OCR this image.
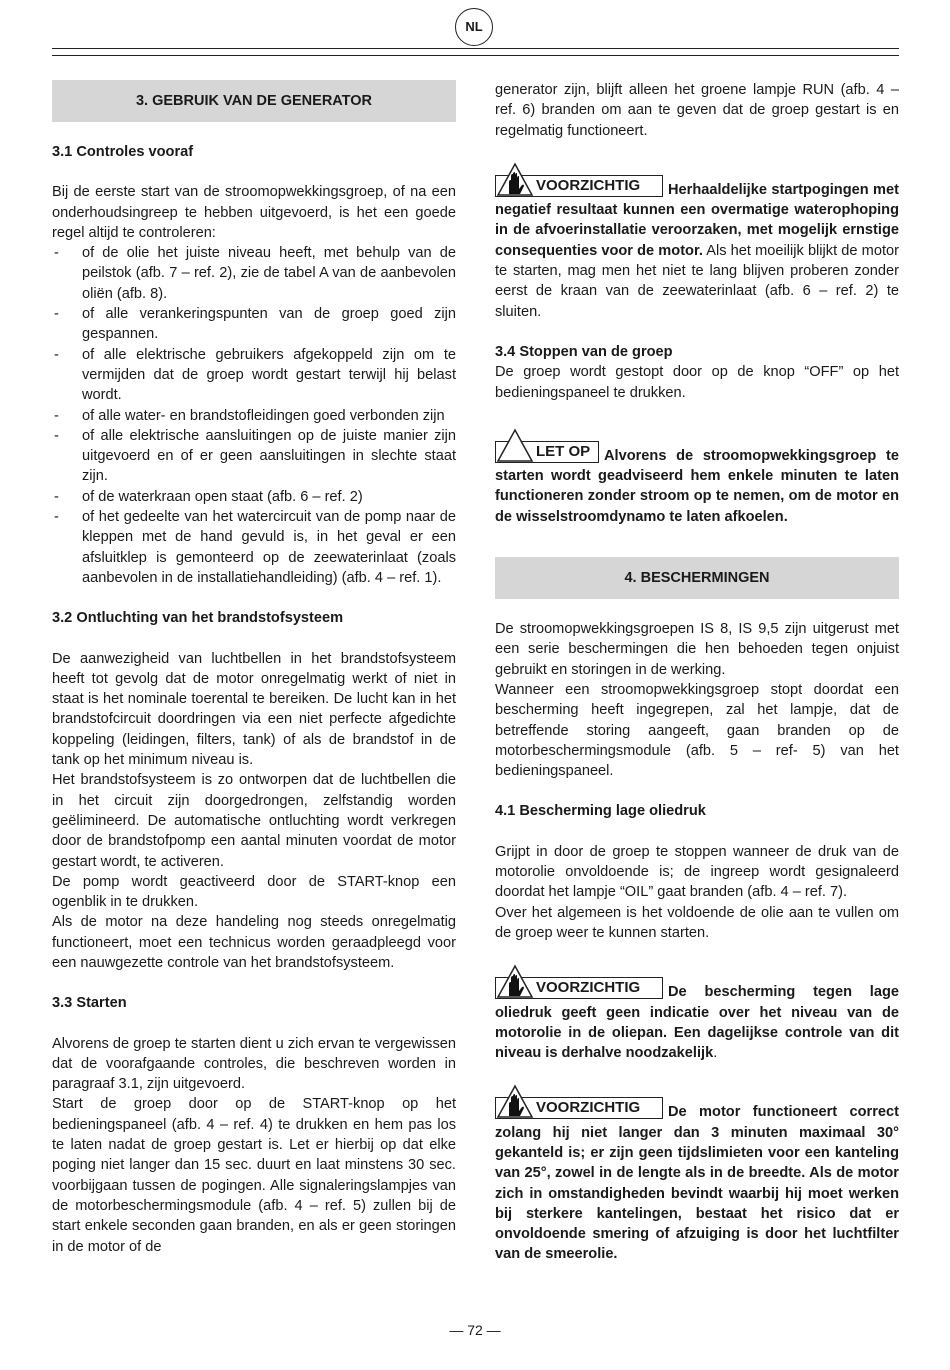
NL
3. GEBRUIK VAN DE GENERATOR

3.1 Controles vooraf

Bij de eerste start van de stroomopwekkingsgroep, of na een onderhoudsingreep te hebben uitgevoerd, is het een goede regel altijd te controleren:

- of de olie het juiste niveau heeft, met behulp van de peilstok (afb. 7 – ref. 2), zie de tabel A van de aanbevolen oliën (afb. 8).
- of alle verankeringspunten van de groep goed zijn gespannen.
- of alle elektrische gebruikers afgekoppeld zijn om te vermijden dat de groep wordt gestart terwijl hij belast wordt.
- of alle water- en brandstofleidingen goed verbonden zijn
- of alle elektrische aansluitingen op de juiste manier zijn uitgevoerd en of er geen aansluitingen in slechte staat zijn.
- of de waterkraan open staat (afb. 6 – ref. 2)
- of het gedeelte van het watercircuit van de pomp naar de kleppen met de hand gevuld is, in het geval er een afsluitklep is gemonteerd op de zeewaterinlaat (zoals aanbevolen in de installatiehandleiding) (afb. 4 – ref. 1).

3.2 Ontluchting van het brandstofsysteem

De aanwezigheid van luchtbellen in het brandstofsysteem heeft tot gevolg dat de motor onregelmatig werkt of niet in staat is het nominale toerental te bereiken. De lucht kan in het brandstofcircuit doordringen via een niet perfecte afgedichte koppeling (leidingen, filters, tank) of als de brandstof in de tank op het minimum niveau is.

Het brandstofsysteem is zo ontworpen dat de luchtbellen die in het circuit zijn doorgedrongen, zelfstandig worden geëlimineerd. De automatische ontluchting wordt verkregen door de brandstofpomp een aantal minuten voordat de motor gestart wordt, te activeren.

De pomp wordt geactiveerd door de START-knop een ogenblik in te drukken.

Als de motor na deze handeling nog steeds onregelmatig functioneert, moet een technicus worden geraadpleegd voor een nauwgezette controle van het brandstofsysteem.

3.3 Starten

Alvorens de groep te starten dient u zich ervan te vergewissen dat de voorafgaande controles, die beschreven worden in paragraaf 3.1, zijn uitgevoerd.

Start de groep door op de START-knop op het bedieningspaneel (afb. 4 – ref. 4) te drukken en hem pas los te laten nadat de groep gestart is. Let er hierbij op dat elke poging niet langer dan 15 sec. duurt en laat minstens 30 sec. voorbijgaan tussen de pogingen. Alle signaleringslampjes van de motorbeschermingsmodule (afb. 4 – ref. 5) zullen bij de start enkele seconden gaan branden, en als er geen storingen in de motor of de

generator zijn, blijft alleen het groene lampje RUN (afb. 4 – ref. 6) branden om aan te geven dat de groep gestart is en regelmatig functioneert.

VOORZICHTIG Herhaaldelijke startpogingen met negatief resultaat kunnen een overmatige waterophoping in de afvoerinstallatie veroorzaken, met mogelijk ernstige consequenties voor de motor. Als het moeilijk blijkt de motor te starten, mag men het niet te lang blijven proberen zonder eerst de kraan van de zeewaterinlaat (afb. 6 – ref. 2) te sluiten.

3.4 Stoppen van de groep

De groep wordt gestopt door op de knop “OFF” op het bedieningspaneel te drukken.

LET OP Alvorens de stroomopwekkingsgroep te starten wordt geadviseerd hem enkele minuten te laten functioneren zonder stroom op te nemen, om de motor en de wisselstroomdynamo te laten afkoelen.

4. BESCHERMINGEN

De stroomopwekkingsgroepen IS 8, IS 9,5 zijn uitgerust met een serie beschermingen die hen behoeden tegen onjuist gebruikt en storingen in de werking.

Wanneer een stroomopwekkingsgroep stopt doordat een bescherming heeft ingegrepen, zal het lampje, dat de betreffende storing aangeeft, gaan branden op de motorbeschermingsmodule (afb. 5 – ref- 5) van het bedieningspaneel.

4.1 Bescherming lage oliedruk

Grijpt in door de groep te stoppen wanneer de druk van de motorolie onvoldoende is; de ingreep wordt gesignaleerd doordat het lampje “OIL” gaat branden (afb. 4 – ref. 7).

Over het algemeen is het voldoende de olie aan te vullen om de groep weer te kunnen starten.

VOORZICHTIG De bescherming tegen lage oliedruk geeft geen indicatie over het niveau van de motorolie in de oliepan. Een dagelijkse controle van dit niveau is derhalve noodzakelijk.

VOORZICHTIG De motor functioneert correct zolang hij niet langer dan 3 minuten maximaal 30° gekanteld is; er zijn geen tijdslimieten voor een kanteling van 25°, zowel in de lengte als in de breedte. Als de motor zich in omstandigheden bevindt waarbij hij moet werken bij sterkere kantelingen, bestaat het risico dat er onvoldoende smering of afzuiging is door het luchtfilter van de smeerolie.

— 72 —
